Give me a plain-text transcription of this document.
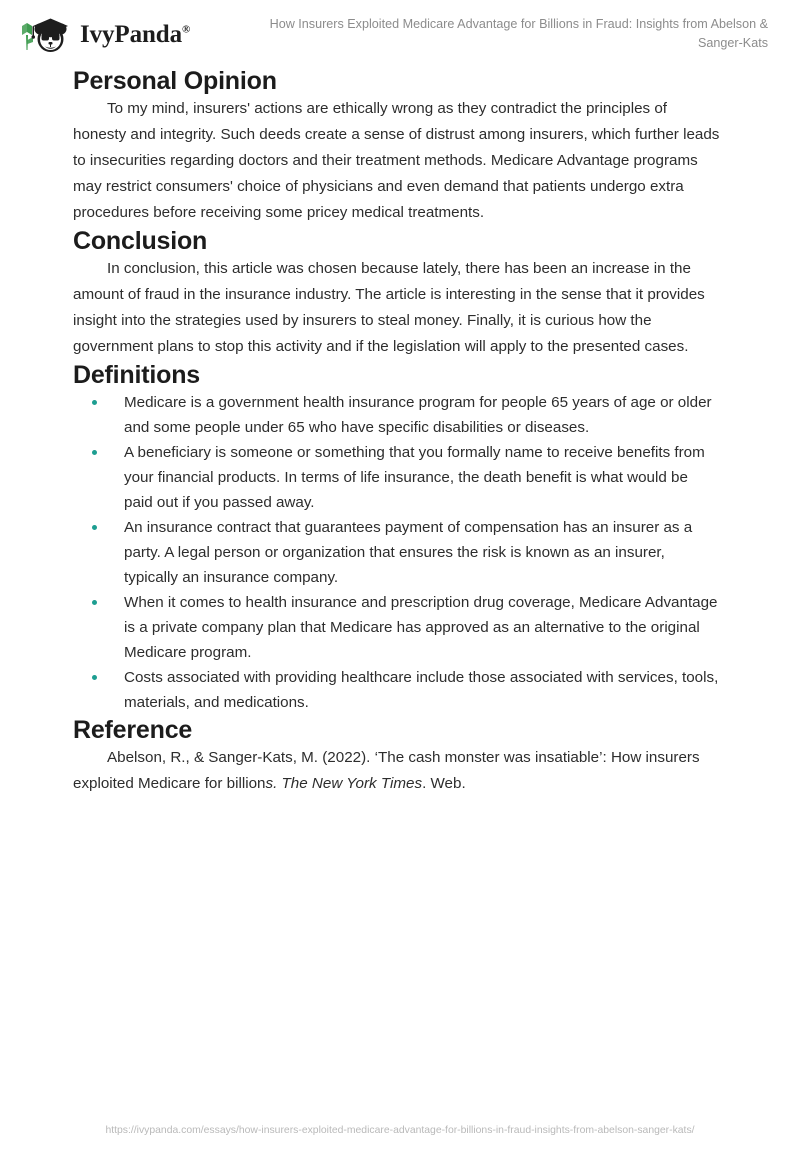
IvyPanda®	How Insurers Exploited Medicare Advantage for Billions in Fraud: Insights from Abelson & Sanger-Kats
Personal Opinion

To my mind, insurers' actions are ethically wrong as they contradict the principles of honesty and integrity. Such deeds create a sense of distrust among insurers, which further leads to insecurities regarding doctors and their treatment methods. Medicare Advantage programs may restrict consumers' choice of physicians and even demand that patients undergo extra procedures before receiving some pricey medical treatments.

Conclusion

In conclusion, this article was chosen because lately, there has been an increase in the amount of fraud in the insurance industry. The article is interesting in the sense that it provides insight into the strategies used by insurers to steal money. Finally, it is curious how the government plans to stop this activity and if the legislation will apply to the presented cases.

Definitions
Medicare is a government health insurance program for people 65 years of age or older and some people under 65 who have specific disabilities or diseases.
A beneficiary is someone or something that you formally name to receive benefits from your financial products. In terms of life insurance, the death benefit is what would be paid out if you passed away.
An insurance contract that guarantees payment of compensation has an insurer as a party. A legal person or organization that ensures the risk is known as an insurer, typically an insurance company.
When it comes to health insurance and prescription drug coverage, Medicare Advantage is a private company plan that Medicare has approved as an alternative to the original Medicare program.
Costs associated with providing healthcare include those associated with services, tools, materials, and medications.
Reference

Abelson, R., & Sanger-Kats, M. (2022). ‘The cash monster was insatiable’: How insurers exploited Medicare for billions. The New York Times. Web.

https://ivypanda.com/essays/how-insurers-exploited-medicare-advantage-for-billions-in-fraud-insights-from-abelson-sanger-kats/
